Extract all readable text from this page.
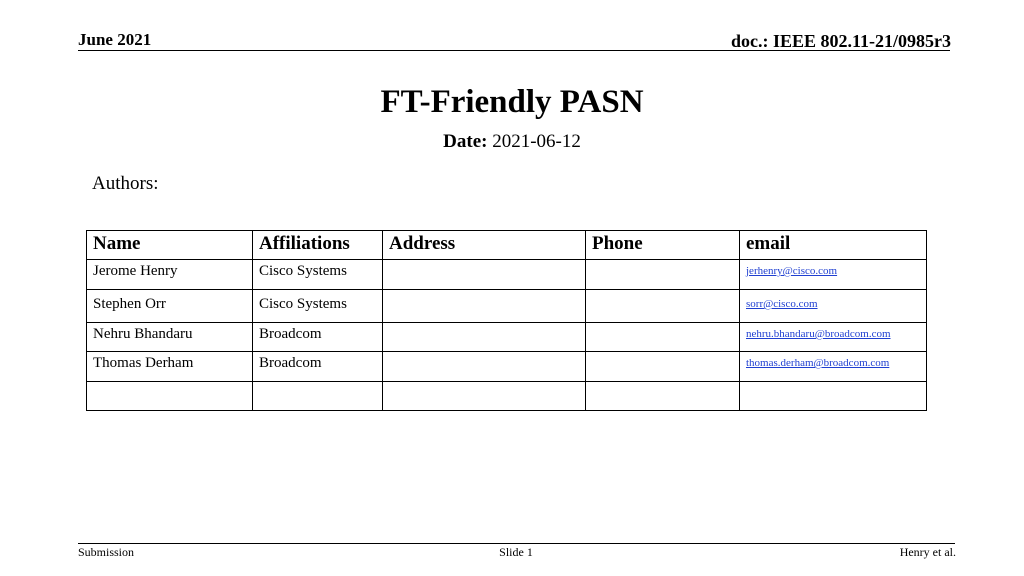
June 2021	doc.: IEEE 802.11-21/0985r3
FT-Friendly PASN
Date: 2021-06-12
Authors:
Name	Affiliations	Address	Phone	email
Jerome Henry	Cisco Systems			jerhenry@cisco.com
Stephen Orr	Cisco Systems			sorr@cisco.com
Nehru Bhandaru	Broadcom			nehru.bhandaru@broadcom.com
Thomas Derham	Broadcom			thomas.derham@broadcom.com

Submission	Slide 1	Henry et al.
